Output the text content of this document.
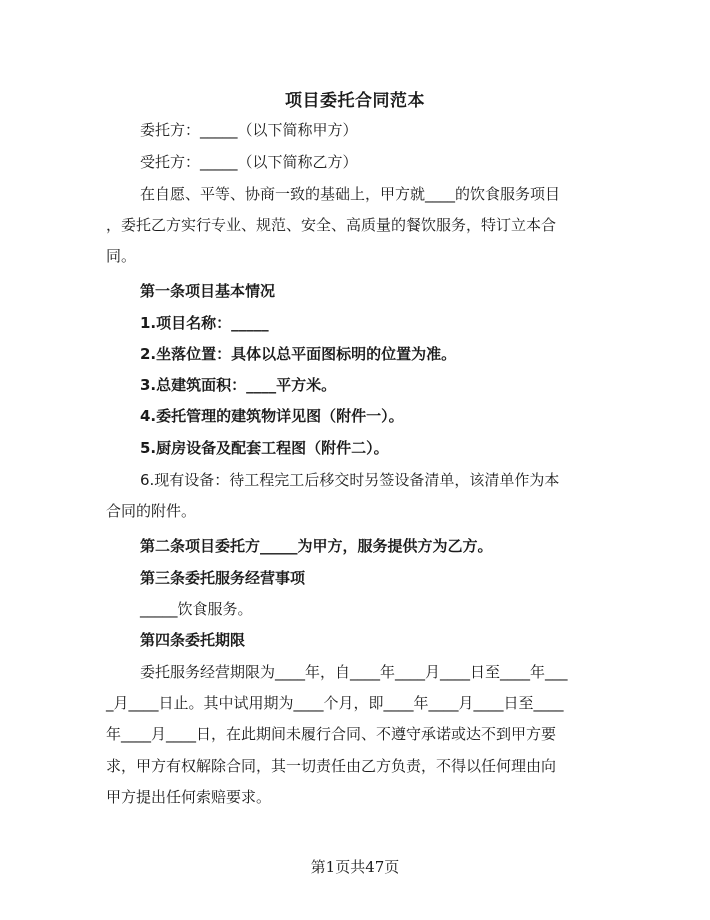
项目委托合同范本
委托方：_____（以下简称甲方）
受托方：_____（以下简称乙方）
在自愿、平等、协商一致的基础上，甲方就____的饮食服务项目
，委托乙方实行专业、规范、安全、高质量的餐饮服务，特订立本合
同。
第一条项目基本情况
1.项目名称：_____
2.坐落位置：具体以总平面图标明的位置为准。
3.总建筑面积：____平方米。
4.委托管理的建筑物详见图（附件一）。
5.厨房设备及配套工程图（附件二）。
6.现有设备：待工程完工后移交时另签设备清单，该清单作为本
合同的附件。
第二条项目委托方_____为甲方，服务提供方为乙方。
第三条委托服务经营事项
_____饮食服务。
第四条委托期限
委托服务经营期限为____年，自____年____月____日至____年___
_月____日止。其中试用期为____个月，即____年____月____日至____
年____月____日，在此期间未履行合同、不遵守承诺或达不到甲方要
求，甲方有权解除合同，其一切责任由乙方负责，不得以任何理由向
甲方提出任何索赔要求。
第1页共47页
